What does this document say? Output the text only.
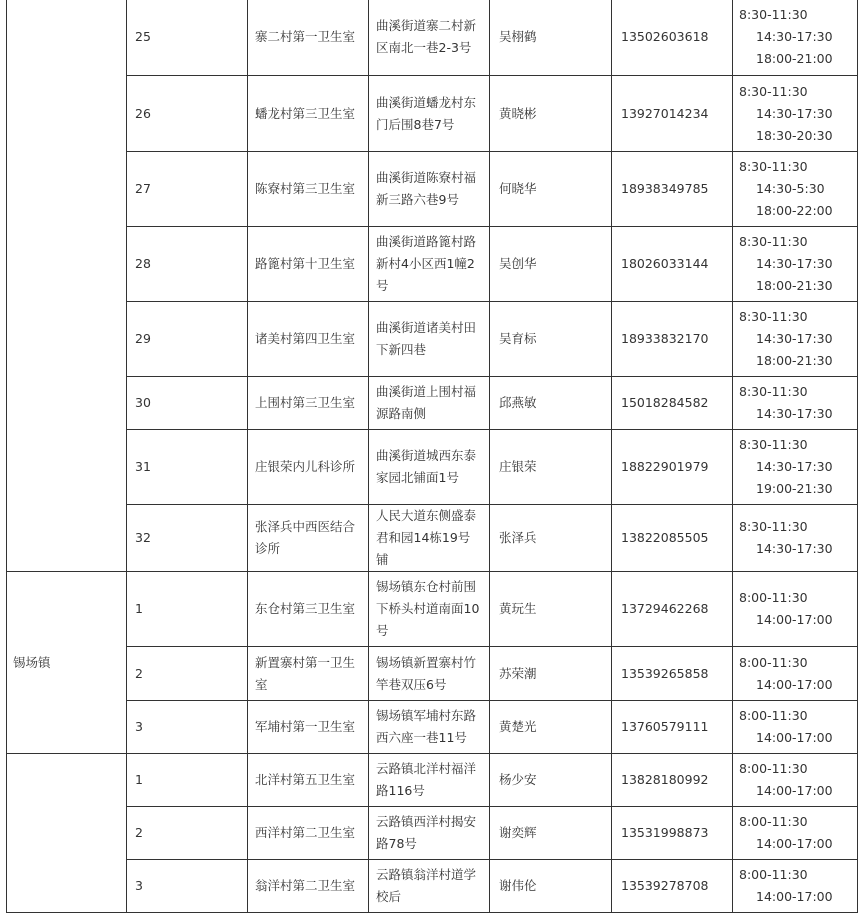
	25	寨二村第一卫生室	曲溪街道寨二村新区南北一巷2-3号	吴栩鹤	13502603618	8:30-11:30
14:30-17:30
18:00-21:00

	26	蟠龙村第三卫生室	曲溪街道蟠龙村东门后围8巷7号	黄晓彬	13927014234	8:30-11:30
14:30-17:30
18:30-20:30

	27	陈寮村第三卫生室	曲溪街道陈寮村福新三路六巷9号	何晓华	18938349785	8:30-11:30
14:30-5:30
18:00-22:00

	28	路篦村第十卫生室	曲溪街道路篦村路新村4小区西1幢2号	吴创华	18026033144	8:30-11:30
14:30-17:30
18:00-21:30

	29	诸美村第四卫生室	曲溪街道诸美村田下新四巷	吴育标	18933832170	8:30-11:30
14:30-17:30
18:00-21:30

	30	上围村第三卫生室	曲溪街道上围村福源路南侧	邱燕敏	15018284582	8:30-11:30
14:30-17:30

	31	庄银荣内儿科诊所	曲溪街道城西东泰家园北铺面1号	庄银荣	18822901979	8:30-11:30
14:30-17:30
19:00-21:30

	32	张泽兵中西医结合诊所	人民大道东侧盛泰君和园14栋19号铺	张泽兵	13822085505	8:30-11:30
14:30-17:30

锡场镇	1	东仓村第三卫生室	锡场镇东仓村前围下桥头村道南面10号	黄玩生	13729462268	8:00-11:30
14:00-17:00

	2	新置寨村第一卫生室	锡场镇新置寨村竹竿巷双压6号	苏荣潮	13539265858	8:00-11:30
14:00-17:00

	3	军埔村第一卫生室	锡场镇军埔村东路西六座一巷11号	黄楚光	13760579111	8:00-11:30
14:00-17:00

	1	北洋村第五卫生室	云路镇北洋村福洋路116号	杨少安	13828180992	8:00-11:30
14:00-17:00

	2	西洋村第二卫生室	云路镇西洋村揭安路78号	谢奕辉	13531998873	8:00-11:30
14:00-17:00

	3	翁洋村第二卫生室	云路镇翁洋村道学校后	谢伟伦	13539278708	8:00-11:30
14:00-17:00
